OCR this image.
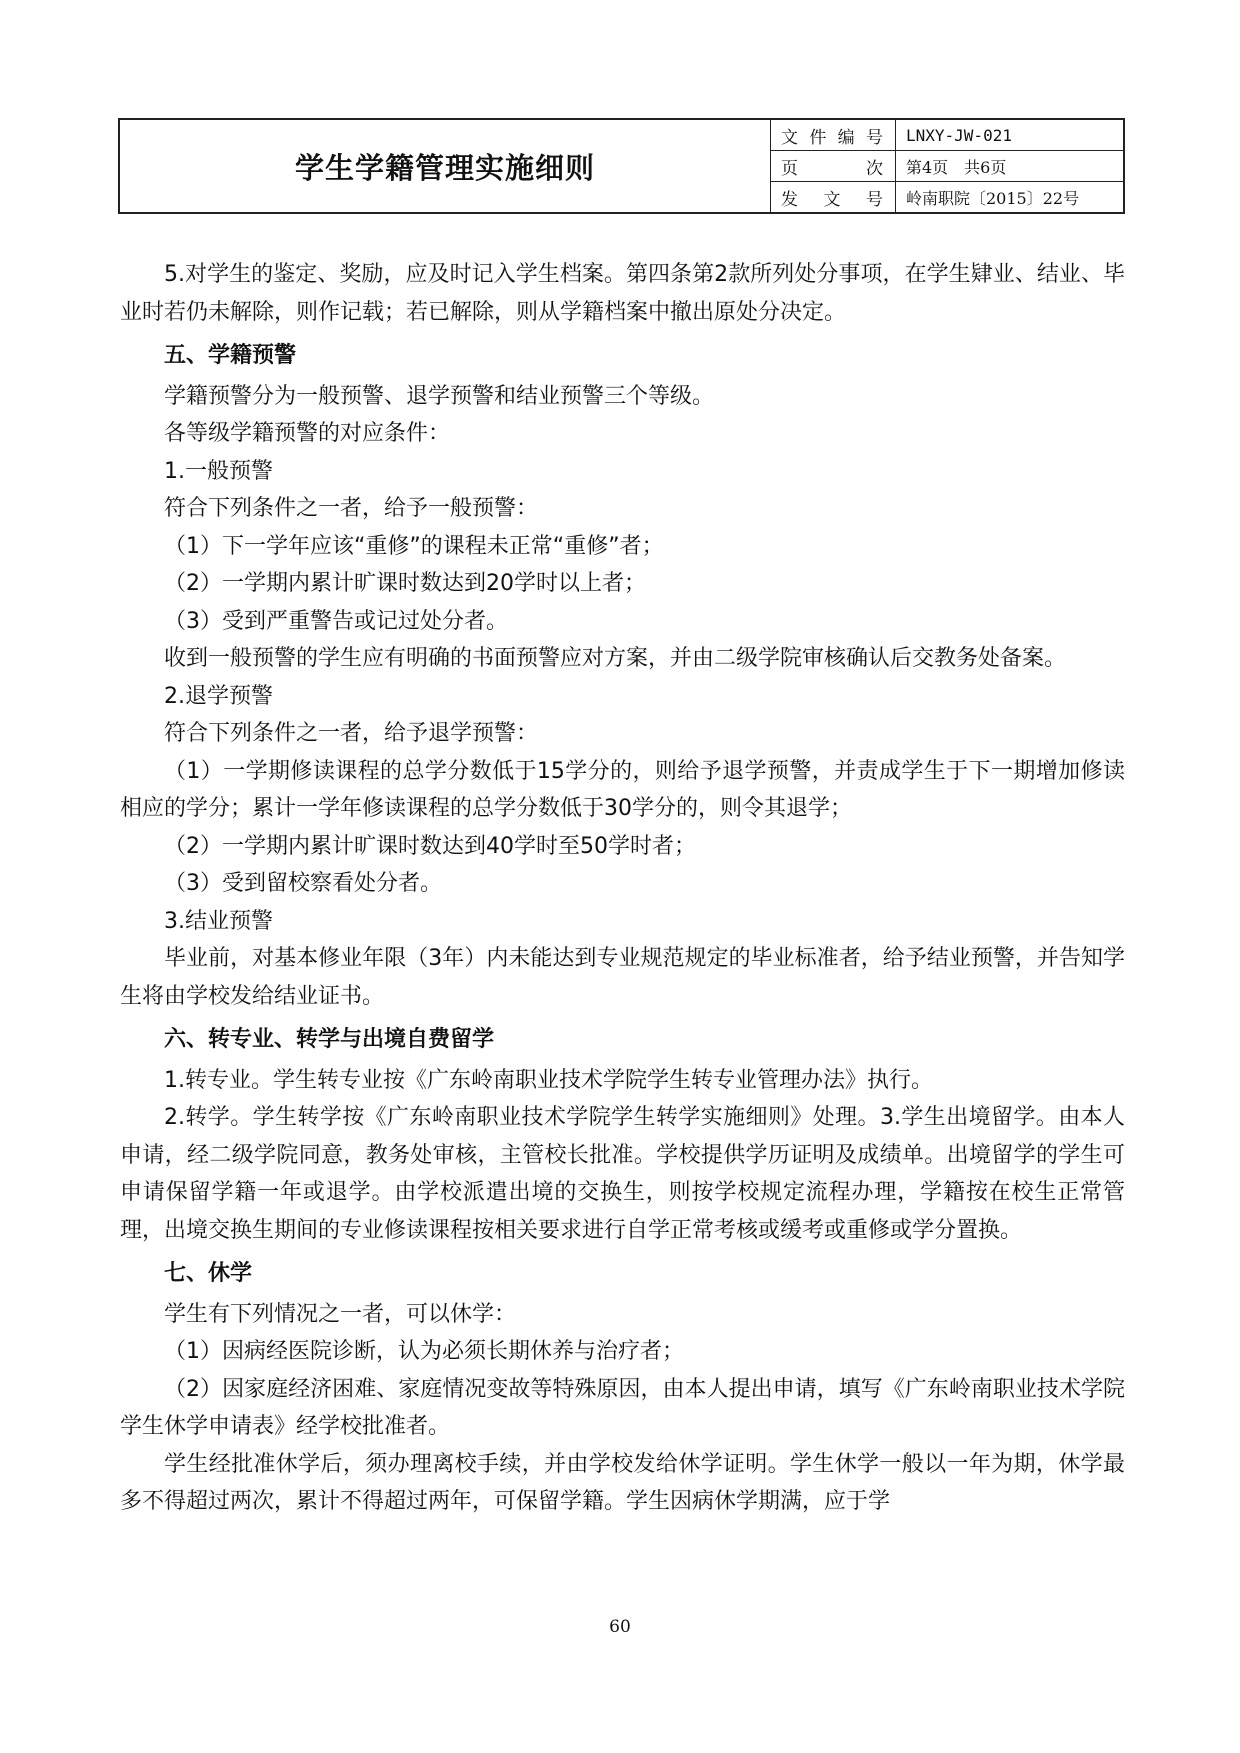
学生学籍管理实施细则
文 件 编 号	LNXY-JW-021
页	次	第4页　共6页
发 文 号	岭南职院〔2015〕22号

5.对学生的鉴定、奖励，应及时记入学生档案。第四条第2款所列处分事项，在学生肄业、结业、毕业时若仍未解除，则作记载；若已解除，则从学籍档案中撤出原处分决定。

五、学籍预警

学籍预警分为一般预警、退学预警和结业预警三个等级。

各等级学籍预警的对应条件：

1.一般预警

符合下列条件之一者，给予一般预警：

（1）下一学年应该“重修”的课程未正常“重修”者；

（2）一学期内累计旷课时数达到20学时以上者；

（3）受到严重警告或记过处分者。

收到一般预警的学生应有明确的书面预警应对方案，并由二级学院审核确认后交教务处备案。

2.退学预警

符合下列条件之一者，给予退学预警：

（1）一学期修读课程的总学分数低于15学分的，则给予退学预警，并责成学生于下一期增加修读相应的学分；累计一学年修读课程的总学分数低于30学分的，则令其退学；

（2）一学期内累计旷课时数达到40学时至50学时者；

（3）受到留校察看处分者。

3.结业预警

毕业前，对基本修业年限（3年）内未能达到专业规范规定的毕业标准者，给予结业预警，并告知学生将由学校发给结业证书。

六、转专业、转学与出境自费留学

1.转专业。学生转专业按《广东岭南职业技术学院学生转专业管理办法》执行。

2.转学。学生转学按《广东岭南职业技术学院学生转学实施细则》处理。3.学生出境留学。由本人申请，经二级学院同意，教务处审核，主管校长批准。学校提供学历证明及成绩单。出境留学的学生可申请保留学籍一年或退学。由学校派遣出境的交换生，则按学校规定流程办理，学籍按在校生正常管理，出境交换生期间的专业修读课程按相关要求进行自学正常考核或缓考或重修或学分置换。

七、休学

学生有下列情况之一者，可以休学：

（1）因病经医院诊断，认为必须长期休养与治疗者；

（2）因家庭经济困难、家庭情况变故等特殊原因，由本人提出申请，填写《广东岭南职业技术学院学生休学申请表》经学校批准者。

学生经批准休学后，须办理离校手续，并由学校发给休学证明。学生休学一般以一年为期，休学最多不得超过两次，累计不得超过两年，可保留学籍。学生因病休学期满，应于学

60
